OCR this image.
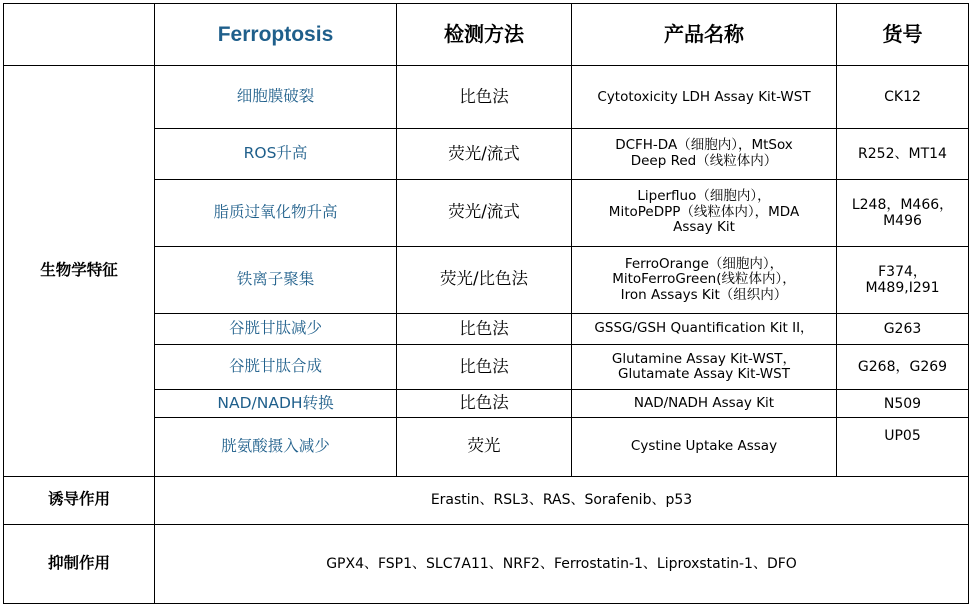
	Ferroptosis	检测方法	产品名称	货号
生物学特征	细胞膜破裂	比色法	Cytotoxicity LDH Assay Kit-WST	CK12

	ROS升高	荧光/流式	DCFH-DA（细胞内），MtSox
Deep Red（线粒体内）	R252、MT14

	脂质过氧化物升高	荧光/流式	Liperfluo（细胞内），
MitoPeDPP（线粒体内），MDA
Assay Kit	L248，M466，
M496

	铁离子聚集	荧光/比色法	FerroOrange（细胞内），
MitoFerroGreen(线粒体内），
Iron Assays Kit（组织内）	F374，
M489,I291

	谷胱甘肽减少	比色法	GSSG/GSH Quantification Kit II，	G263

	谷胱甘肽合成	比色法	Glutamine Assay Kit-WST，
Glutamate Assay Kit-WST	G268，G269

	NAD/NADH转换	比色法	NAD/NADH Assay Kit	N509

	胱氨酸摄入减少	荧光	Cystine Uptake Assay	UP05

诱导作用	Erastin、RSL3、RAS、Sorafenib、p53			
抑制作用	GPX4、FSP1、SLC7A11、NRF2、Ferrostatin-1、Liproxstatin-1、DFO			
